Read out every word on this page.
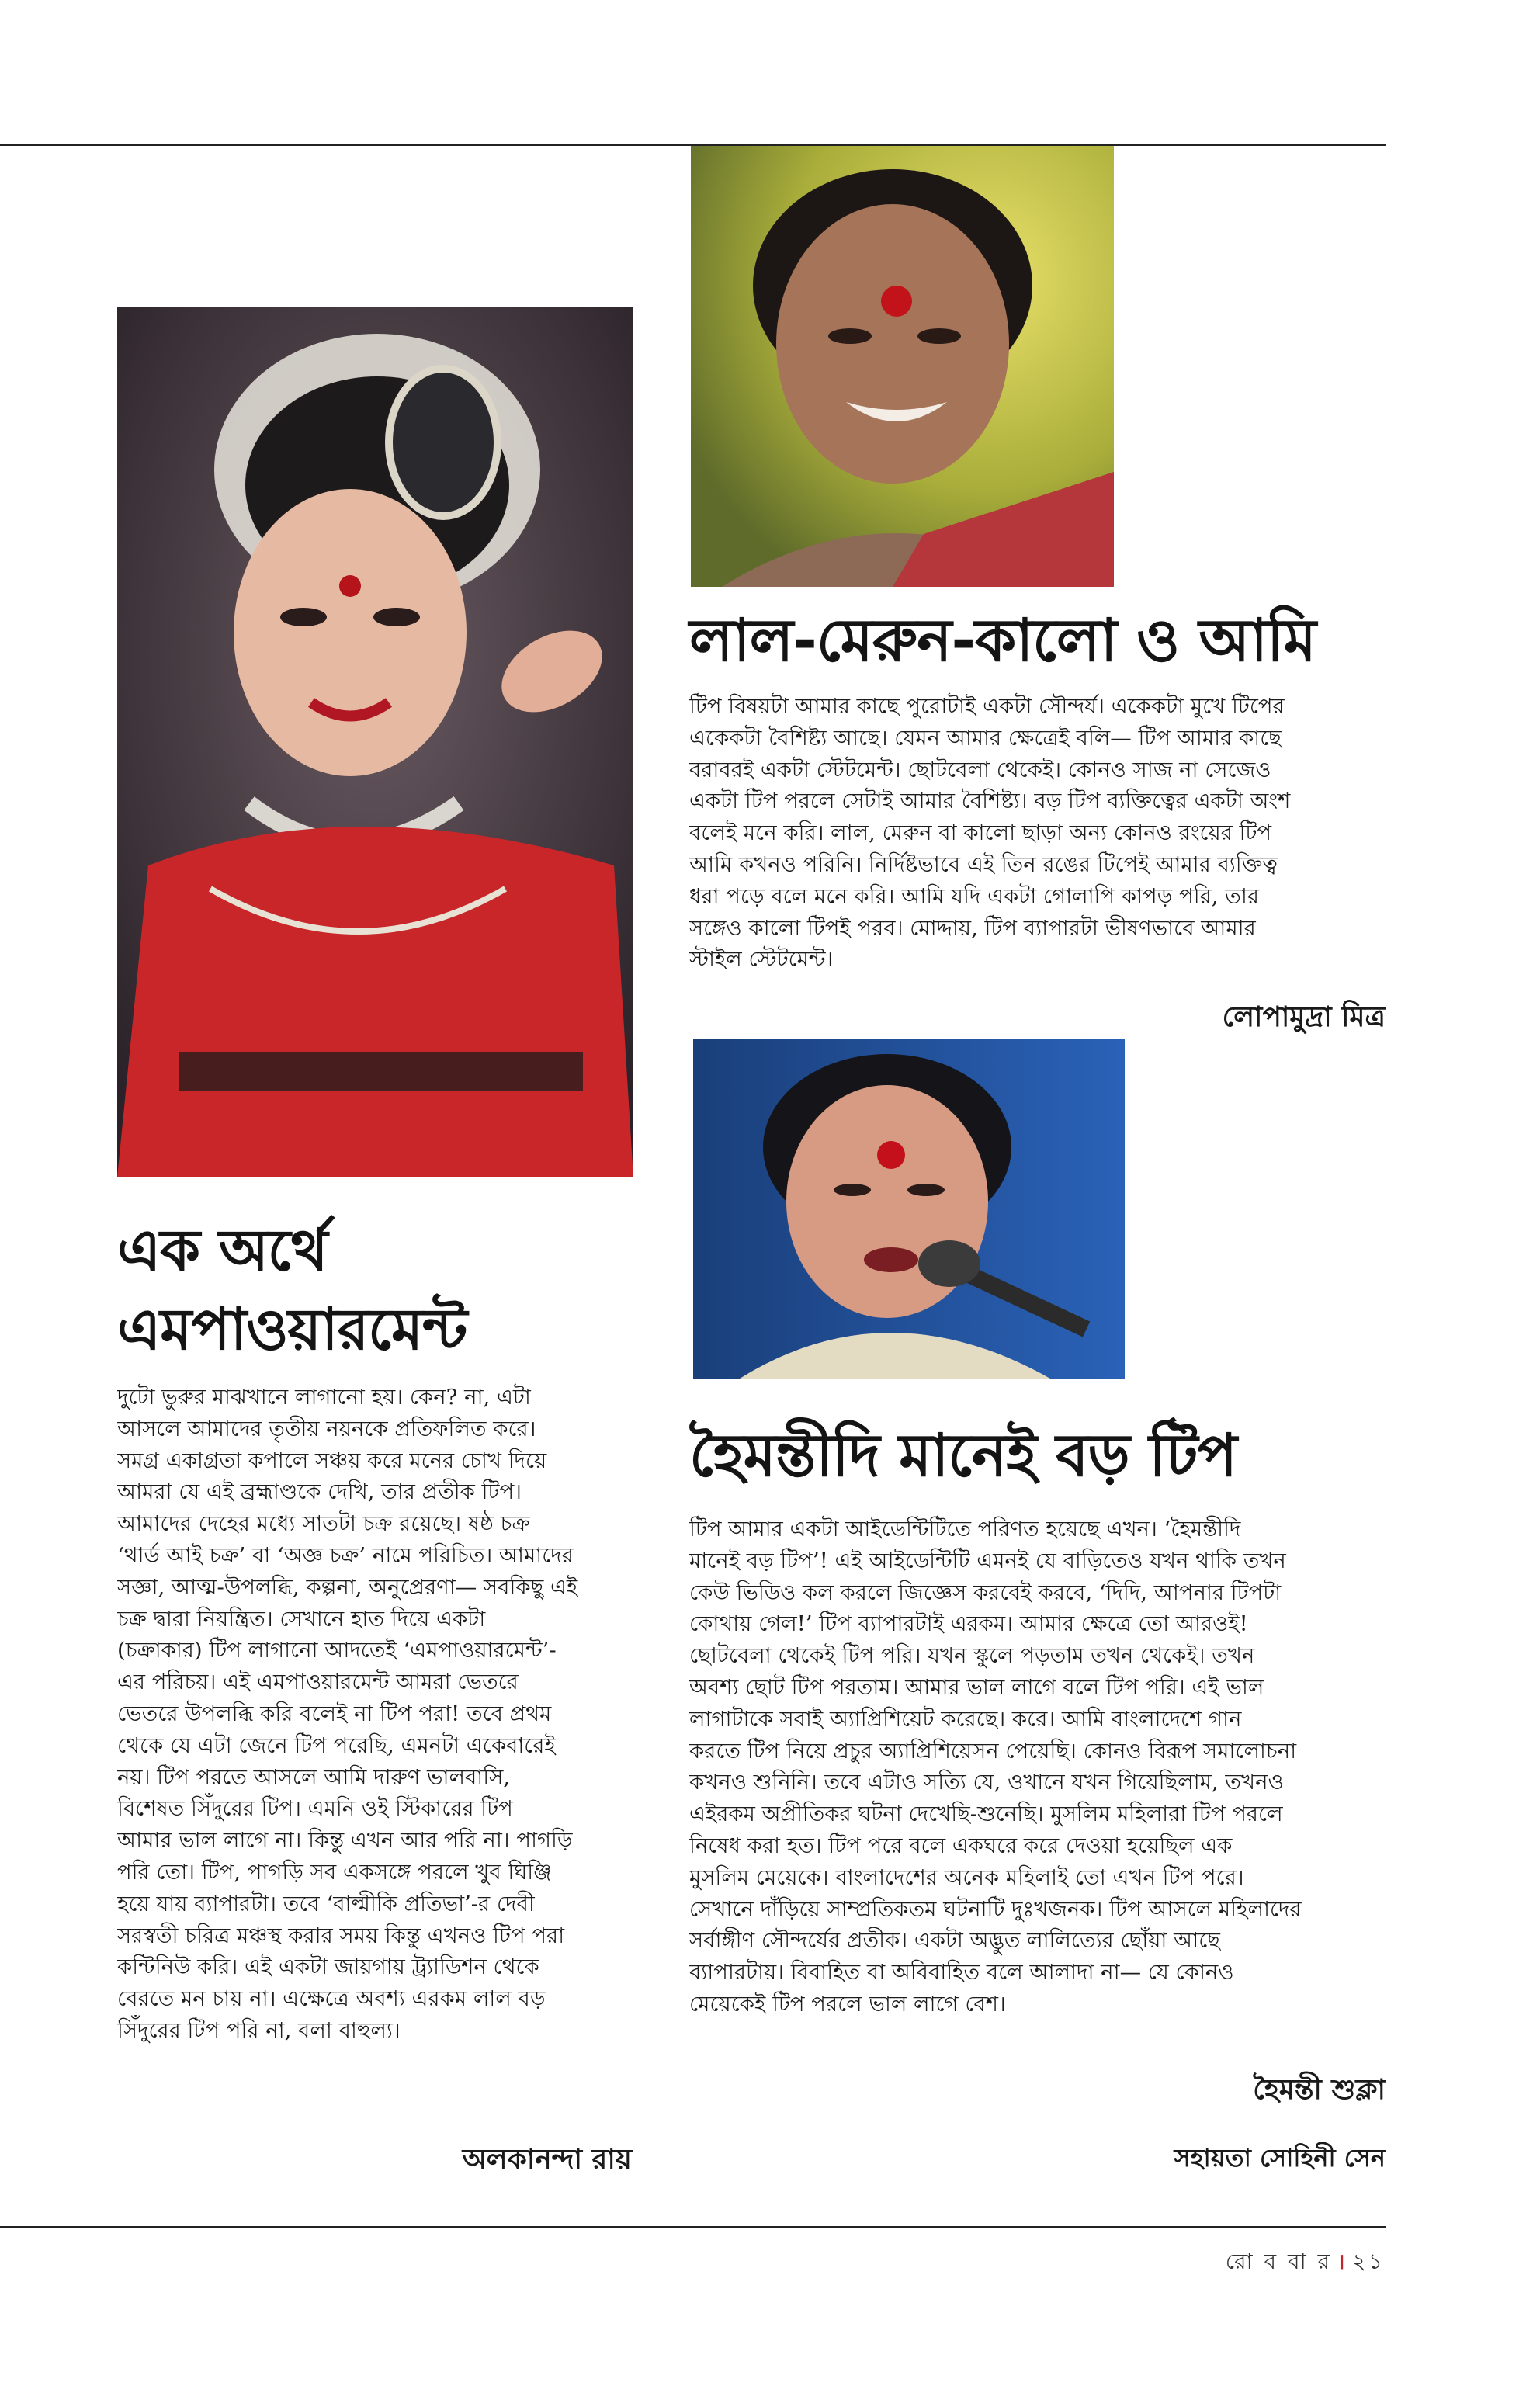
লাল-মেরুন-কালো ও আমি
টিপ বিষয়টা আমার কাছে পুরোটাই একটা সৌন্দর্য। একেকটা মুখে টিপের
একেকটা বৈশিষ্ট্য আছে। যেমন আমার ক্ষেত্রেই বলি— টিপ আমার কাছে
বরাবরই একটা স্টেটমেন্ট। ছোটবেলা থেকেই। কোনও সাজ না সেজেও
একটা টিপ পরলে সেটাই আমার বৈশিষ্ট্য। বড় টিপ ব্যক্তিত্বের একটা অংশ
বলেই মনে করি। লাল, মেরুন বা কালো ছাড়া অন্য কোনও রংয়ের টিপ
আমি কখনও পরিনি। নির্দিষ্টভাবে এই তিন রঙের টিপেই আমার ব্যক্তিত্ব
ধরা পড়ে বলে মনে করি। আমি যদি একটা গোলাপি কাপড় পরি, তার
সঙ্গেও কালো টিপই পরব। মোদ্দায়, টিপ ব্যাপারটা ভীষণভাবে আমার
স্টাইল স্টেটমেন্ট।

লোপামুদ্রা মিত্র

এক অর্থে
এমপাওয়ারমেন্ট
দুটো ভুরুর মাঝখানে লাগানো হয়। কেন? না, এটা
আসলে আমাদের তৃতীয় নয়নকে প্রতিফলিত করে।
সমগ্র একাগ্রতা কপালে সঞ্চয় করে মনের চোখ দিয়ে
আমরা যে এই ব্রহ্মাণ্ডকে দেখি, তার প্রতীক টিপ।
আমাদের দেহের মধ্যে সাতটা চক্র রয়েছে। ষষ্ঠ চক্র
‘থার্ড আই চক্র’ বা ‘অজ্ঞ চক্র’ নামে পরিচিত। আমাদের
সজ্ঞা, আত্ম-উপলব্ধি, কল্পনা, অনুপ্রেরণা— সবকিছু এই
চক্র দ্বারা নিয়ন্ত্রিত। সেখানে হাত দিয়ে একটা
(চক্রাকার) টিপ লাগানো আদতেই ‘এমপাওয়ারমেন্ট’-
এর পরিচয়। এই এমপাওয়ারমেন্ট আমরা ভেতরে
ভেতরে উপলব্ধি করি বলেই না টিপ পরা! তবে প্রথম
থেকে যে এটা জেনে টিপ পরেছি, এমনটা একেবারেই
নয়। টিপ পরতে আসলে আমি দারুণ ভালবাসি,
বিশেষত সিঁদুরের টিপ। এমনি ওই স্টিকারের টিপ
আমার ভাল লাগে না। কিন্তু এখন আর পরি না। পাগড়ি
পরি তো। টিপ, পাগড়ি সব একসঙ্গে পরলে খুব ঘিঞ্জি
হয়ে যায় ব্যাপারটা। তবে ‘বাল্মীকি প্রতিভা’-র দেবী
সরস্বতী চরিত্র মঞ্চস্থ করার সময় কিন্তু এখনও টিপ পরা
কন্টিনিউ করি। এই একটা জায়গায় ট্র্যাডিশন থেকে
বেরতে মন চায় না। এক্ষেত্রে অবশ্য এরকম লাল বড়
সিঁদুরের টিপ পরি না, বলা বাহুল্য।

অলকানন্দা রায়

হৈমন্তীদি মানেই বড় টিপ
টিপ আমার একটা আইডেন্টিটিতে পরিণত হয়েছে এখন। ‘হৈমন্তীদি
মানেই বড় টিপ’! এই আইডেন্টিটি এমনই যে বাড়িতেও যখন থাকি তখন
কেউ ভিডিও কল করলে জিজ্ঞেস করবেই করবে, ‘দিদি, আপনার টিপটা
কোথায় গেল!’ টিপ ব্যাপারটাই এরকম। আমার ক্ষেত্রে তো আরও‌ই!
ছোটবেলা থেকেই টিপ পরি। যখন স্কুলে পড়তাম তখন থেকেই। তখন
অবশ্য ছোট টিপ পরতাম। আমার ভাল লাগে বলে টিপ পরি। এই ভাল
লাগাটাকে সবাই অ্যাপ্রিশিয়েট করেছে। করে। আমি বাংলাদেশে গান
করতে টিপ নিয়ে প্রচুর অ্যাপ্রিশিয়েসন পেয়েছি। কোনও বিরূপ সমালোচনা
কখনও শুনিনি। তবে এটাও সত্যি যে, ওখানে যখন গিয়েছিলাম, তখনও
এইরকম অপ্রীতিকর ঘটনা দেখেছি-শুনেছি। মুসলিম মহিলারা টিপ পরলে
নিষেধ করা হত। টিপ পরে বলে একঘরে করে দেওয়া হয়েছিল এক
মুসলিম মেয়েকে। বাংলাদেশের অনেক মহিলাই তো এখন টিপ পরে।
সেখানে দাঁড়িয়ে সাম্প্রতিকতম ঘটনাটি দুঃখজনক। টিপ আসলে মহিলাদের
সর্বাঙ্গীণ সৌন্দর্যের প্রতীক। একটা অদ্ভুত লালিত্যের ছোঁয়া আছে
ব্যাপারটায়। বিবাহিত বা অবিবাহিত বলে আলাদা না— যে কোনও
মেয়েকেই টিপ পরলে ভাল লাগে বেশ।

হৈমন্তী শুক্লা

সহায়তা সোহিনী সেন

রো ব বা র । ২১
